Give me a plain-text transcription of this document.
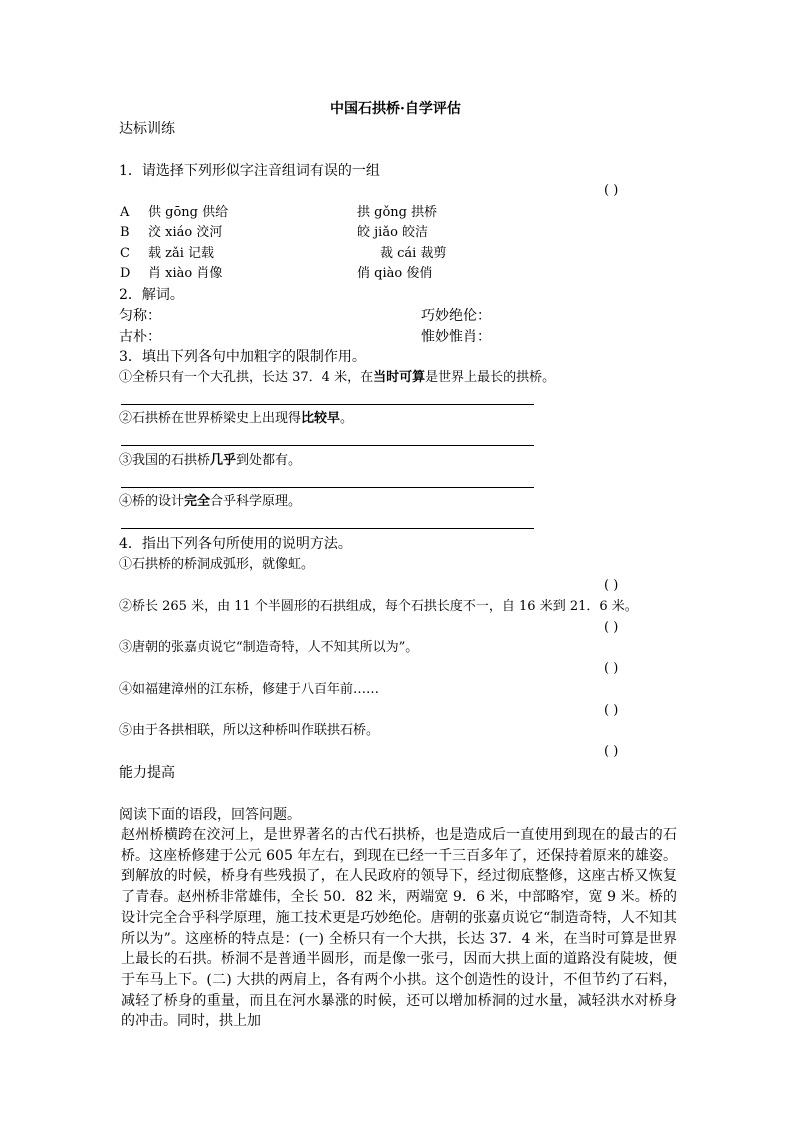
中国石拱桥·自学评估
达标训练
1．请选择下列形似字注音组词有误的一组
( )
A 供 gōng 供给	拱 gǒng 拱桥
B 洨 xiáo 洨河	皎 jiǎo 皎洁
C 载 zǎi 记载	裁 cái 裁剪
D 肖 xiào 肖像	俏 qiào 俊俏
2．解词。
匀称：	巧妙绝伦：
古朴：	惟妙惟肖：
3．填出下列各句中加粗字的限制作用。
①全桥只有一个大孔拱，长达 37．4 米，在当时可算是世界上最长的拱桥。
②石拱桥在世界桥梁史上出现得比较早。
③我国的石拱桥几乎到处都有。
④桥的设计完全合乎科学原理。
4．指出下列各句所使用的说明方法。
①石拱桥的桥洞成弧形，就像虹。
( )
②桥长 265 米，由 11 个半圆形的石拱组成，每个石拱长度不一，自 16 米到 21．6 米。
( )
③唐朝的张嘉贞说它“制造奇特，人不知其所以为”。
( )
④如福建漳州的江东桥，修建于八百年前……
( )
⑤由于各拱相联，所以这种桥叫作联拱石桥。
( )
能力提高
阅读下面的语段，回答问题。
赵州桥横跨在洨河上，是世界著名的古代石拱桥，也是造成后一直使用到现在的最古的石桥。这座桥修建于公元 605 年左右，到现在已经一千三百多年了，还保持着原来的雄姿。到解放的时候，桥身有些残损了，在人民政府的领导下，经过彻底整修，这座古桥又恢复了青春。赵州桥非常雄伟，全长 50．82 米，两端宽 9．6 米，中部略窄，宽 9 米。桥的设计完全合乎科学原理，施工技术更是巧妙绝伦。唐朝的张嘉贞说它“制造奇特，人不知其所以为”。这座桥的特点是：(一) 全桥只有一个大拱，长达 37．4 米，在当时可算是世界上最长的石拱。桥洞不是普通半圆形，而是像一张弓，因而大拱上面的道路没有陡坡，便于车马上下。(二) 大拱的两肩上，各有两个小拱。这个创造性的设计，不但节约了石料，减轻了桥身的重量，而且在河水暴涨的时候，还可以增加桥洞的过水量，减轻洪水对桥身的冲击。同时，拱上加
